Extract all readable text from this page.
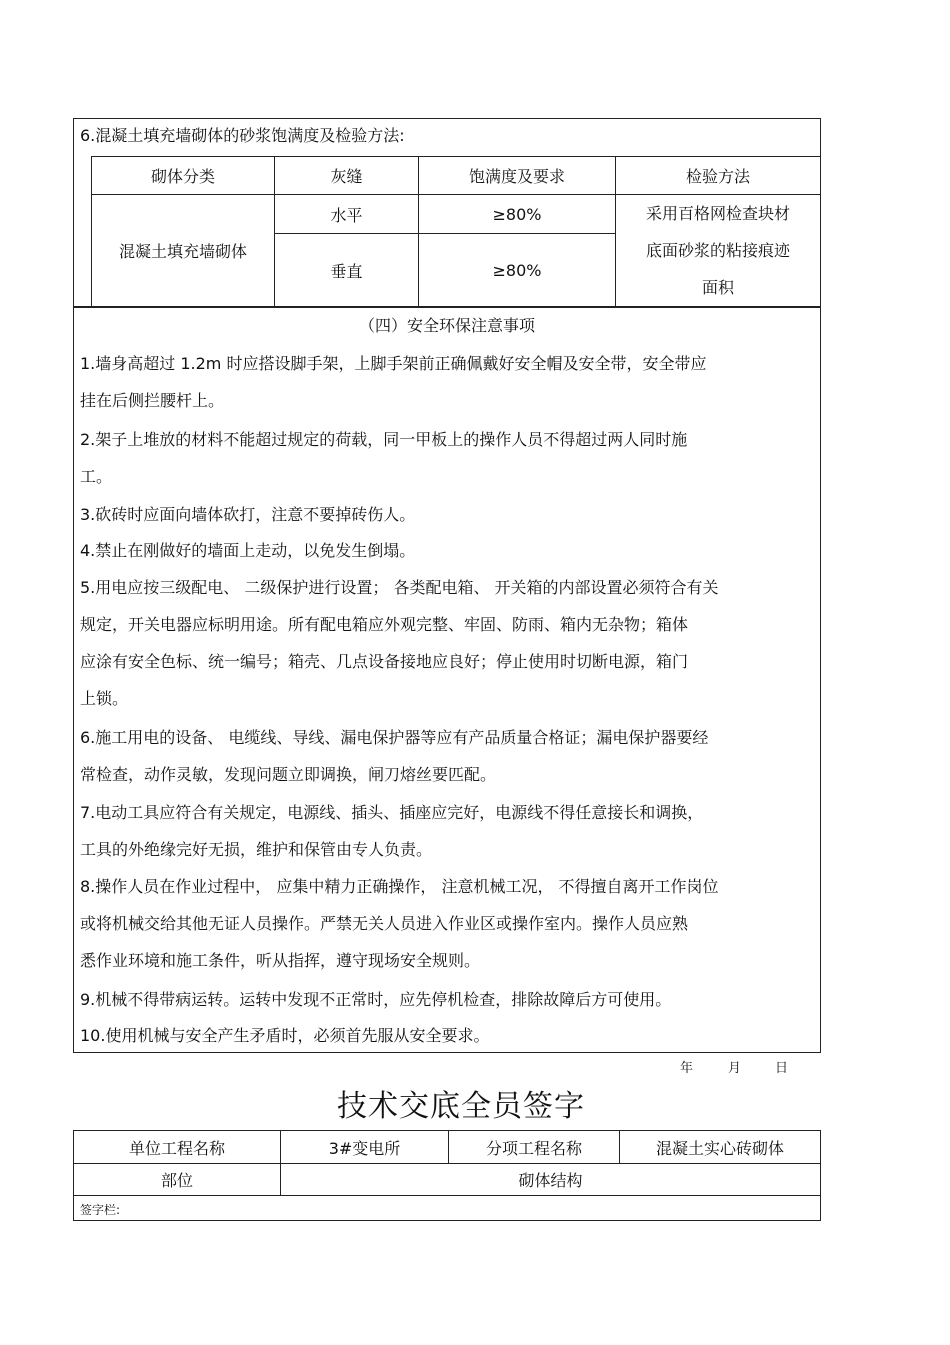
6.混凝土填充墙砌体的砂浆饱满度及检验方法:
砌体分类	灰缝	饱满度及要求	检验方法
混凝土填充墙砌体
水平	≥80%
垂直	≥80%
采用百格网检查块材
底面砂浆的粘接痕迹
面积
（四）安全环保注意事项

1.墙身高超过 1.2m 时应搭设脚手架，上脚手架前正确佩戴好安全帽及安全带，安全带应

挂在后侧拦腰杆上。

2.架子上堆放的材料不能超过规定的荷载，同一甲板上的操作人员不得超过两人同时施

工。

3.砍砖时应面向墙体砍打，注意不要掉砖伤人。

4.禁止在刚做好的墙面上走动，以免发生倒塌。

5.用电应按三级配电、 二级保护进行设置； 各类配电箱、 开关箱的内部设置必须符合有关

规定，开关电器应标明用途。所有配电箱应外观完整、牢固、防雨、箱内无杂物；箱体

应涂有安全色标、统一编号；箱壳、几点设备接地应良好；停止使用时切断电源，箱门

上锁。

6.施工用电的设备、 电缆线、导线、漏电保护器等应有产品质量合格证；漏电保护器要经

常检查，动作灵敏，发现问题立即调换，闸刀熔丝要匹配。

7.电动工具应符合有关规定，电源线、插头、插座应完好，电源线不得任意接长和调换，

工具的外绝缘完好无损，维护和保管由专人负责。

8.操作人员在作业过程中， 应集中精力正确操作， 注意机械工况， 不得擅自离开工作岗位

或将机械交给其他无证人员操作。严禁无关人员进入作业区或操作室内。操作人员应熟

悉作业环境和施工条件，听从指挥，遵守现场安全规则。

9.机械不得带病运转。运转中发现不正常时，应先停机检查，排除故障后方可使用。

10.使用机械与安全产生矛盾时，必须首先服从安全要求。

年	月	日
技术交底全员签字
单位工程名称	3#变电所	分项工程名称	混凝土实心砖砌体
部位	砌体结构
签字栏:
